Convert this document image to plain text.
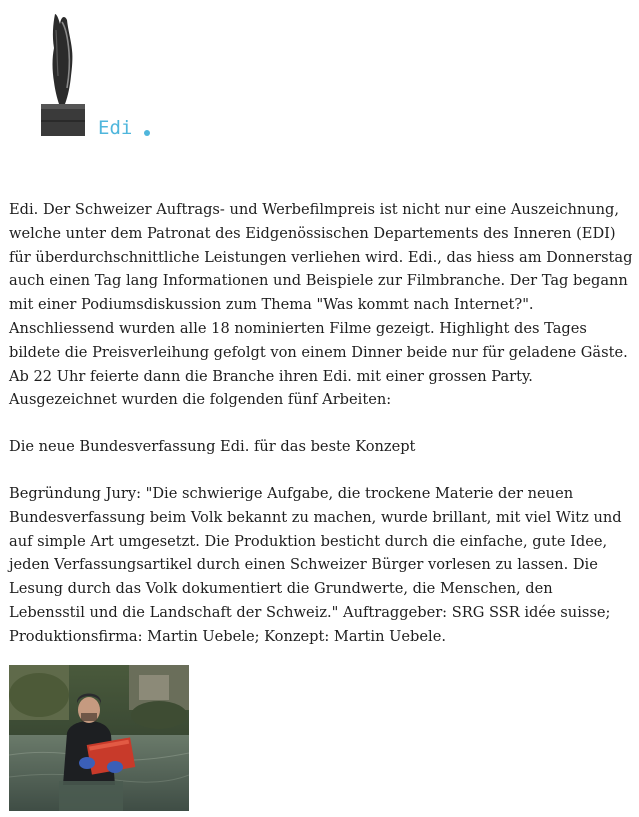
Edi

Edi. Der Schweizer Auftrags- und Werbefilmpreis ist nicht nur eine Auszeichnung, welche unter dem Patronat des Eidgenössischen Departements des Inneren (EDI) für überdurchschnittliche Leistungen verliehen wird. Edi., das hiess am Donnerstag auch einen Tag lang Informationen und Beispiele zur Filmbranche. Der Tag begann mit einer Podiumsdiskussion zum Thema "Was kommt nach Internet?". Anschliessend wurden alle 18 nominierten Filme gezeigt. Highlight des Tages bildete die Preisverleihung gefolgt von einem Dinner beide nur für geladene Gäste. Ab 22 Uhr feierte dann die Branche ihren Edi. mit einer grossen Party. Ausgezeichnet wurden die folgenden fünf Arbeiten:

Die neue Bundesverfassung Edi. für das beste Konzept

Begründung Jury: "Die schwierige Aufgabe, die trockene Materie der neuen Bundesverfassung beim Volk bekannt zu machen, wurde brillant, mit viel Witz und auf simple Art umgesetzt. Die Produktion besticht durch die einfache, gute Idee, jeden Verfassungsartikel durch einen Schweizer Bürger vorlesen zu lassen. Die Lesung durch das Volk dokumentiert die Grundwerte, die Menschen, den Lebensstil und die Landschaft der Schweiz." Auftraggeber: SRG SSR idée suisse; Produktionsfirma: Martin Uebele; Konzept: Martin Uebele.
